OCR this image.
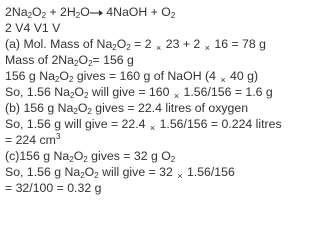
$2Na_2O_2 + 2H_2O\to$ 4NaOH + $O_2$
2 V4 V1 V
(a) Mol. Mass of $Na_2O_2 = 2$ $_\times$ 23 + 2 $_\times$ 16 = 78 g
Mass of $2Na_2O_2= 156$ g
156 g $Na_2O_2$ gives = 160 g of NaOH (4 $_\times$ 40 g)
So, 1.56 $Na_2O_2$ will give = 160 $_\times$ 1.56/156 = 1.6 g
(b) 156 g $Na_2O_2$ gives = 22.4 litres of oxygen
So, 1.56 g will give = 22.4 $_\times$ 1.56/156 = 0.224 litres
= 224 $cm^3$
(c)156 g $Na_2O_2$ gives = 32 g $O_2$
So, 1.56 g $Na_2O_2$ will give = 32 $_\times$ 1.56/156
= 32/100 = 0.32 g
